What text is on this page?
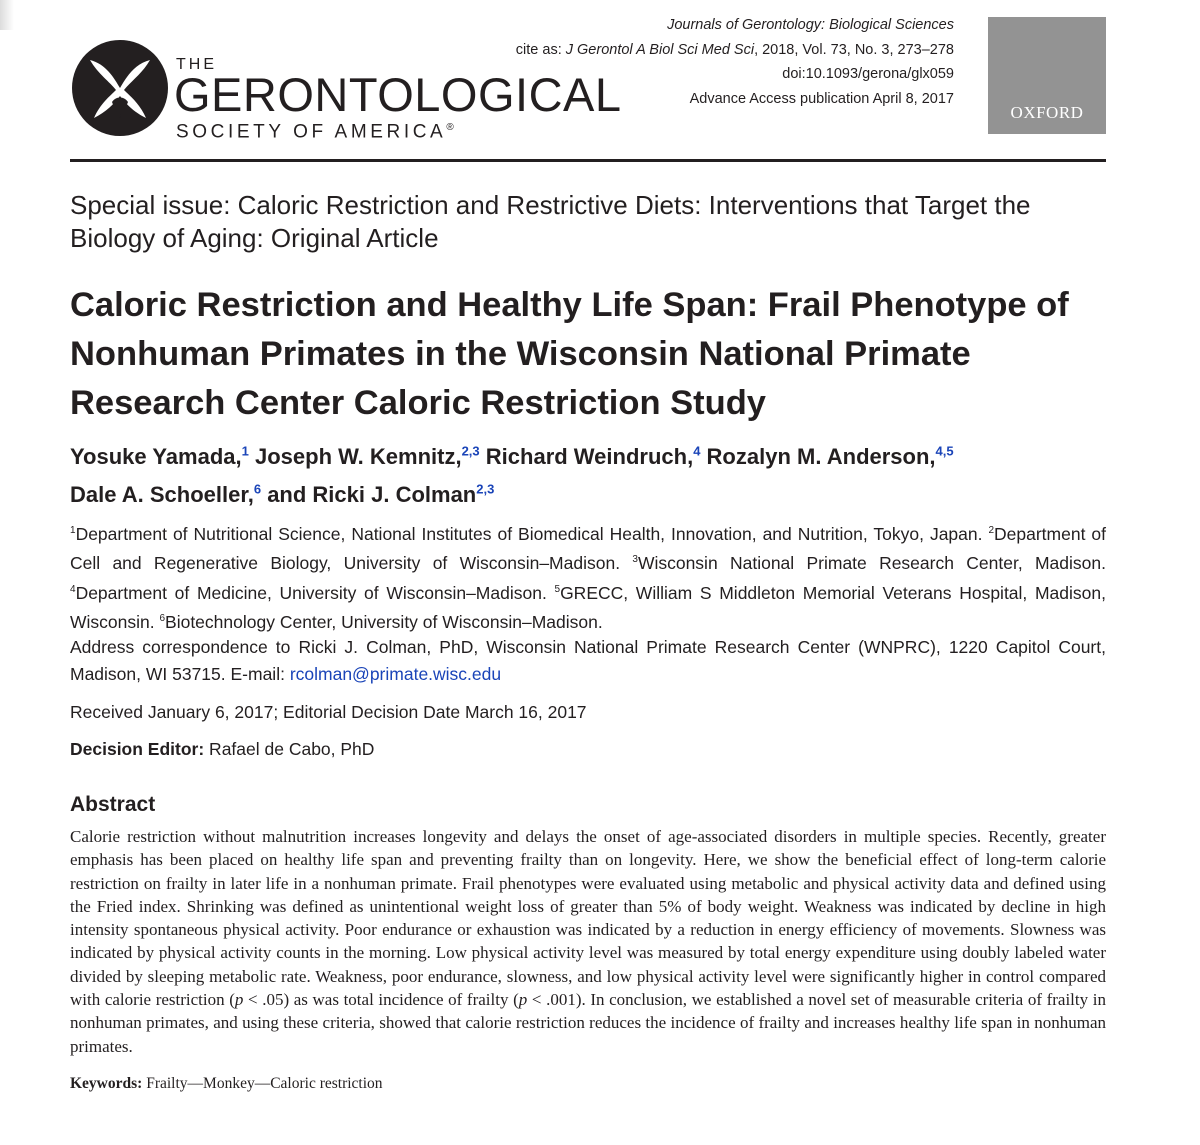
THE
GERONTOLOGICAL
SOCIETY OF AMERICA®
Journals of Gerontology: Biological Sciences
cite as: J Gerontol A Biol Sci Med Sci, 2018, Vol. 73, No. 3, 273–278
doi:10.1093/gerona/glx059
Advance Access publication April 8, 2017
OXFORD
Special issue: Caloric Restriction and Restrictive Diets: Interventions that Target the Biology of Aging: Original Article
Caloric Restriction and Healthy Life Span: Frail Phenotype of Nonhuman Primates in the Wisconsin National Primate Research Center Caloric Restriction Study
Yosuke Yamada,$^1$ Joseph W. Kemnitz,$^{2,3}$ Richard Weindruch,$^4$ Rozalyn M. Anderson,$^{4,5}$
Dale A. Schoeller,$^6$ and Ricki J. Colman$^{2,3}$
$^1$Department of Nutritional Science, National Institutes of Biomedical Health, Innovation, and Nutrition, Tokyo, Japan. $^2$Department of Cell and Regenerative Biology, University of Wisconsin–Madison. $^3$Wisconsin National Primate Research Center, Madison. $^4$Department of Medicine, University of Wisconsin–Madison. $^5$GRECC, William S Middleton Memorial Veterans Hospital, Madison, Wisconsin. $^6$Biotechnology Center, University of Wisconsin–Madison.
Address correspondence to Ricki J. Colman, PhD, Wisconsin National Primate Research Center (WNPRC), 1220 Capitol Court, Madison, WI 53715. E-mail: rcolman@primate.wisc.edu
Received January 6, 2017; Editorial Decision Date March 16, 2017
Decision Editor: Rafael de Cabo, PhD
Abstract
Calorie restriction without malnutrition increases longevity and delays the onset of age-associated disorders in multiple species. Recently, greater emphasis has been placed on healthy life span and preventing frailty than on longevity. Here, we show the beneficial effect of long-term calorie restriction on frailty in later life in a nonhuman primate. Frail phenotypes were evaluated using metabolic and physical activity data and defined using the Fried index. Shrinking was defined as unintentional weight loss of greater than 5% of body weight. Weakness was indicated by decline in high intensity spontaneous physical activity. Poor endurance or exhaustion was indicated by a reduction in energy efficiency of movements. Slowness was indicated by physical activity counts in the morning. Low physical activity level was measured by total energy expenditure using doubly labeled water divided by sleeping metabolic rate. Weakness, poor endurance, slowness, and low physical activity level were significantly higher in control compared with calorie restriction (p < .05) as was total incidence of frailty (p < .001). In conclusion, we established a novel set of measurable criteria of frailty in nonhuman primates, and using these criteria, showed that calorie restriction reduces the incidence of frailty and increases healthy life span in nonhuman primates.
Keywords: Frailty—Monkey—Caloric restriction
